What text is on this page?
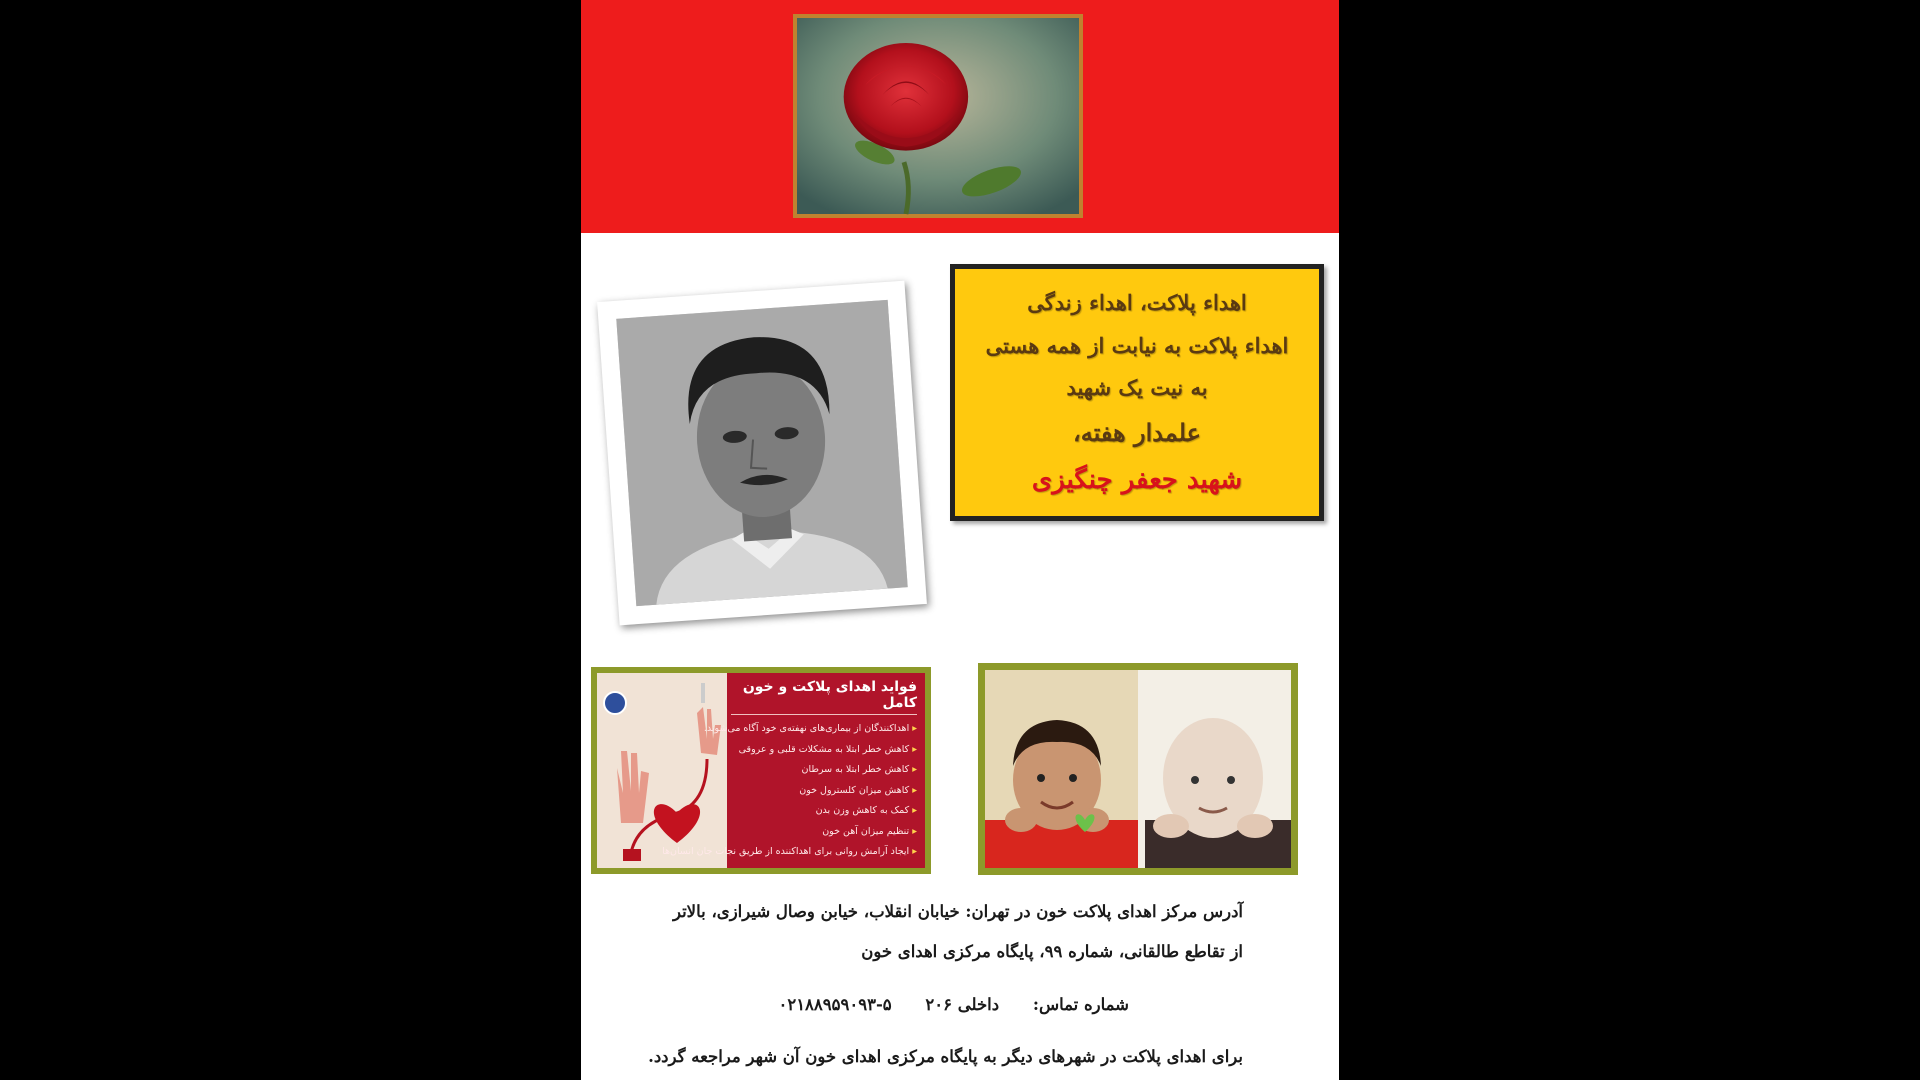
اهداء پلاکت، اهداء زندگی
اهداء پلاکت به نیابت از همه هستی
به نیت یک شهید
علمدار هفته،
شهید جعفر چنگیزی
فواید اهدای پلاکت و خون کامل
▸ اهداکنندگان از بیماری‌های نهفته‌ی خود آگاه می‌شوند.
▸ کاهش خطر ابتلا به مشکلات قلبی و عروقی
▸ کاهش خطر ابتلا به سرطان
▸ کاهش میزان کلسترول خون
▸ کمک به کاهش وزن بدن
▸ تنظیم میزان آهن خون
▸ ایجاد آرامش روانی برای اهداکننده از طریق نجات جان انسان‌ها
آدرس مرکز اهدای پلاکت خون در تهران: خیابان انقلاب، خیابن وصال شیرازی، بالاتر
از تقاطع طالقانی، شماره ۹۹، پایگاه مرکزی اهدای خون
شماره تماس: داخلی ۲۰۶ ۰۲۱۸۸۹۵۹۰۹۳-۵
برای اهدای پلاکت در شهرهای دیگر به پایگاه مرکزی اهدای خون آن شهر مراجعه گردد.
